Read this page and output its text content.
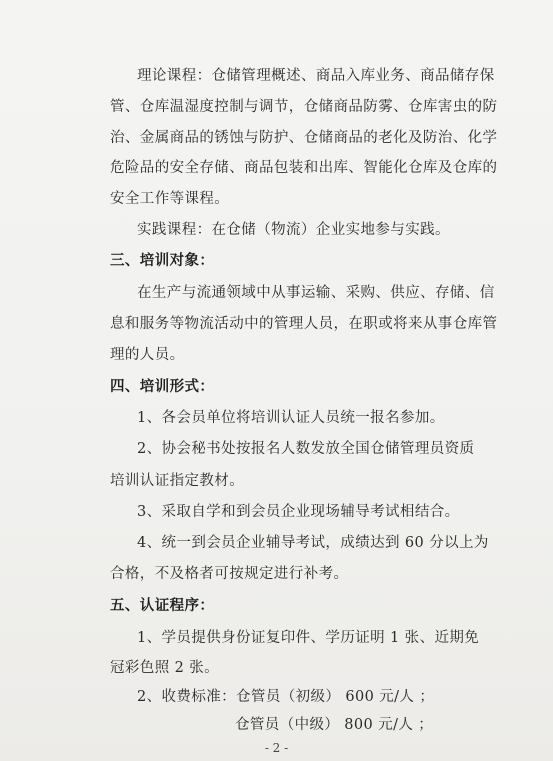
理论课程：仓储管理概述、商品入库业务、商品储存保
管、仓库温湿度控制与调节，仓储商品防雾、仓库害虫的防
治、金属商品的锈蚀与防护、仓储商品的老化及防治、化学
危险品的安全存储、商品包装和出库、智能化仓库及仓库的
安全工作等课程。
实践课程：在仓储（物流）企业实地参与实践。
三、培训对象：
在生产与流通领域中从事运输、采购、供应、存储、信
息和服务等物流活动中的管理人员，在职或将来从事仓库管
理的人员。
四、培训形式：
1、各会员单位将培训认证人员统一报名参加。
2、协会秘书处按报名人数发放全国仓储管理员资质
培训认证指定教材。
3、采取自学和到会员企业现场辅导考试相结合。
4、统一到会员企业辅导考试，成绩达到 60 分以上为
合格，不及格者可按规定进行补考。
五、认证程序：
1、学员提供身份证复印件、学历证明 1 张、近期免
冠彩色照 2 张。
2、收费标准：仓管员（初级） 600 元/人 ；
仓管员（中级） 800 元/人 ；
- 2 -
